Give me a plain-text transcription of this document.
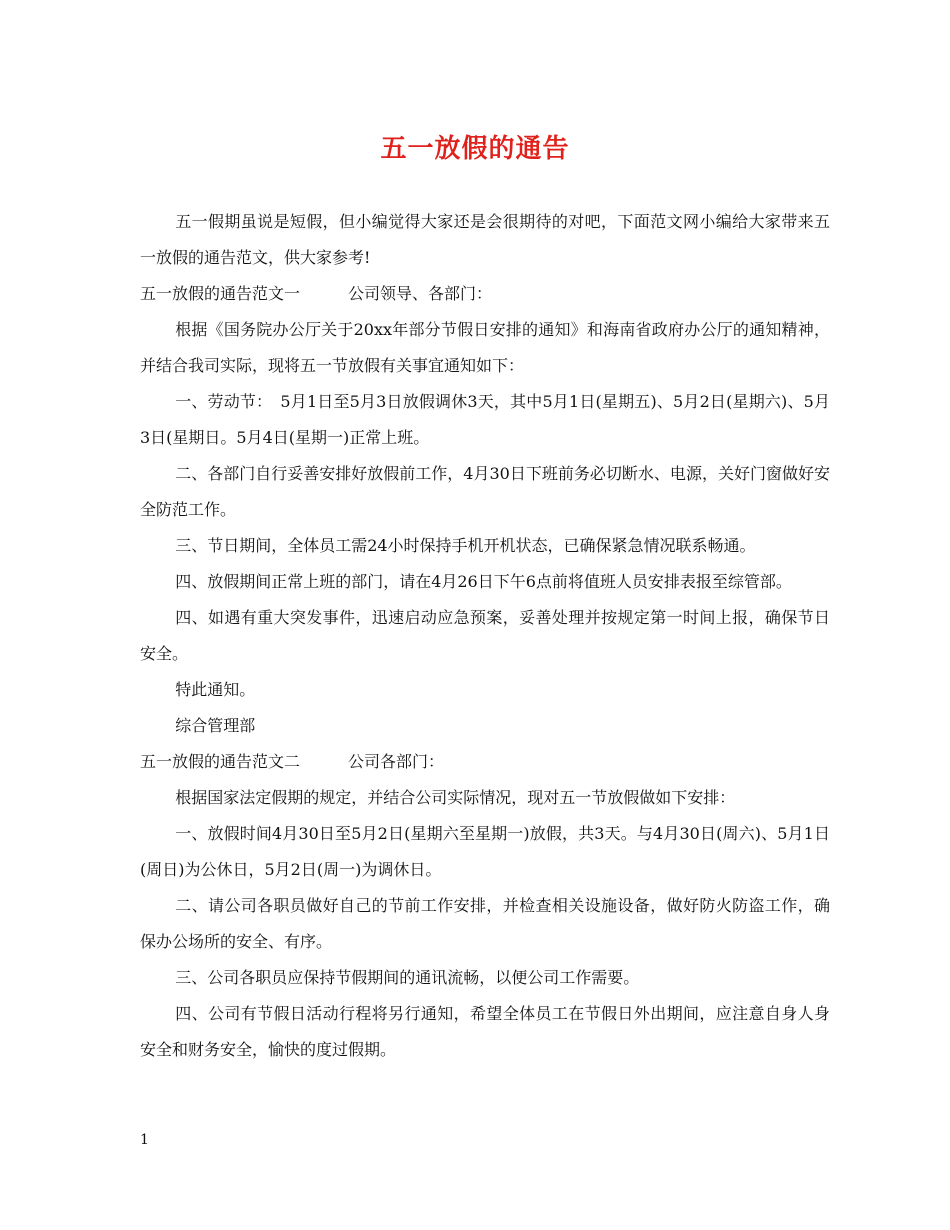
五一放假的通告

五一假期虽说是短假，但小编觉得大家还是会很期待的对吧，下面范文网小编给大家带来五一放假的通告范文，供大家参考!

五一放假的通告范文一	公司领导、各部门：

根据《国务院办公厅关于20xx年部分节假日安排的通知》和海南省政府办公厅的通知精神，并结合我司实际，现将五一节放假有关事宜通知如下：

一、劳动节：　5月1日至5月3日放假调休3天，其中5月1日(星期五)、5月2日(星期六)、5月3日(星期日。5月4日(星期一)正常上班。

二、各部门自行妥善安排好放假前工作，4月30日下班前务必切断水、电源，关好门窗做好安全防范工作。

三、节日期间，全体员工需24小时保持手机开机状态，已确保紧急情况联系畅通。

四、放假期间正常上班的部门，请在4月26日下午6点前将值班人员安排表报至综管部。

四、如遇有重大突发事件，迅速启动应急预案，妥善处理并按规定第一时间上报，确保节日安全。

特此通知。

综合管理部

五一放假的通告范文二	公司各部门：

根据国家法定假期的规定，并结合公司实际情况，现对五一节放假做如下安排：

一、放假时间4月30日至5月2日(星期六至星期一)放假，共3天。与4月30日(周六)、5月1日(周日)为公休日，5月2日(周一)为调休日。

二、请公司各职员做好自己的节前工作安排，并检查相关设施设备，做好防火防盗工作，确保办公场所的安全、有序。

三、公司各职员应保持节假期间的通讯流畅，以便公司工作需要。

四、公司有节假日活动行程将另行通知，希望全体员工在节假日外出期间，应注意自身人身安全和财务安全，愉快的度过假期。

1
